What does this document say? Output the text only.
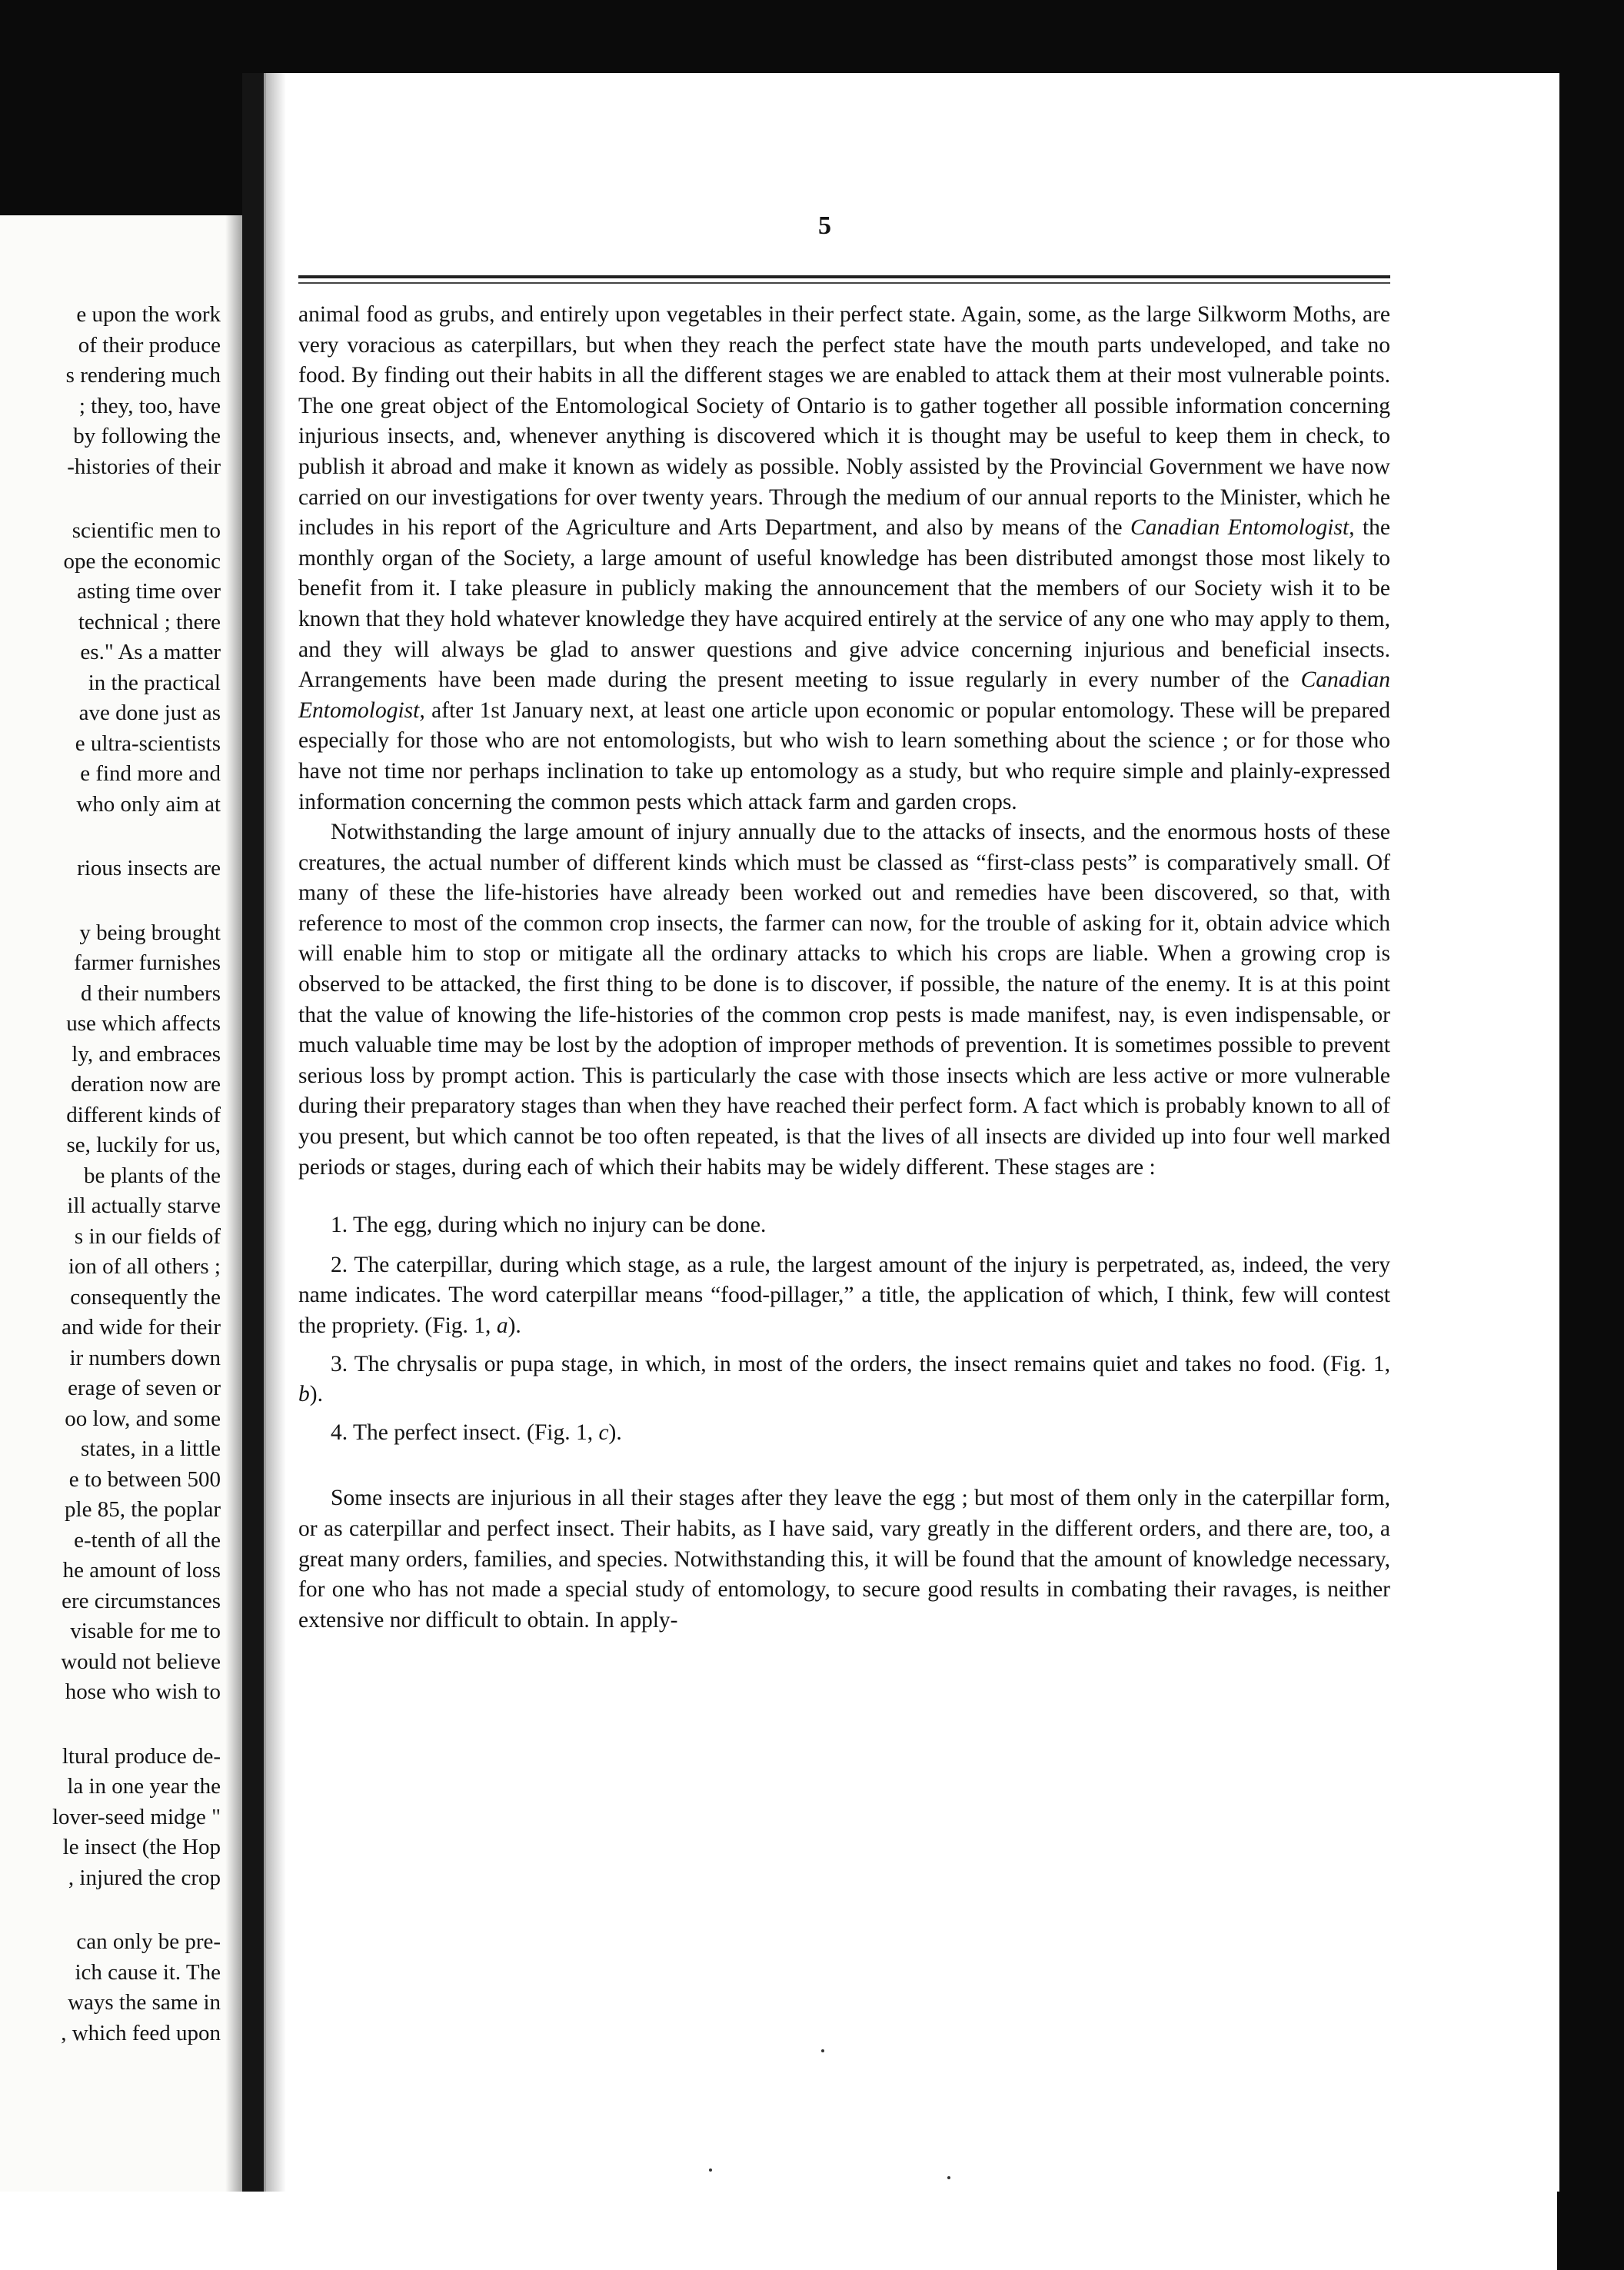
e upon the work
of their produce
s rendering much
; they, too, have
by following the
-histories of their
scientific men to
ope the economic
asting time over
technical ; there
es." As a matter
in the practical
ave done just as
e ultra-scientists
e find more and
who only aim at
rious insects are
y being brought
farmer furnishes
d their numbers
use which affects
ly, and embraces
deration now are
different kinds of
se, luckily for us,
be plants of the
ill actually starve
s in our fields of
ion of all others ;
consequently the
and wide for their
ir numbers down
erage of seven or
oo low, and some
states, in a little
e to between 500
ple 85, the poplar
e-tenth of all the
he amount of loss
ere circumstances
visable for me to
would not believe
hose who wish to
ltural produce de-
la in one year the
lover-seed midge "
le insect (the Hop
, injured the crop
can only be pre-
ich cause it. The
ways the same in
, which feed upon
5

animal food as grubs, and entirely upon vegetables in their perfect state. Again, some, as the large Silkworm Moths, are very voracious as caterpillars, but when they reach the perfect state have the mouth parts undeveloped, and take no food. By finding out their habits in all the different stages we are enabled to attack them at their most vulnerable points. The one great object of the Entomological Society of Ontario is to gather together all possible information concerning injurious insects, and, whenever anything is discovered which it is thought may be useful to keep them in check, to publish it abroad and make it known as widely as possible. Nobly assisted by the Provincial Government we have now carried on our investigations for over twenty years. Through the medium of our annual reports to the Minister, which he includes in his report of the Agriculture and Arts Department, and also by means of the Canadian Entomologist, the monthly organ of the Society, a large amount of useful knowledge has been distributed amongst those most likely to benefit from it. I take pleasure in publicly making the announcement that the members of our Society wish it to be known that they hold whatever knowledge they have acquired entirely at the service of any one who may apply to them, and they will always be glad to answer questions and give advice concerning injurious and beneficial insects. Arrangements have been made during the present meeting to issue regularly in every number of the Canadian Entomologist, after 1st January next, at least one article upon economic or popular entomology. These will be prepared especially for those who are not entomologists, but who wish to learn something about the science ; or for those who have not time nor perhaps inclination to take up entomology as a study, but who require simple and plainly-expressed information concerning the common pests which attack farm and garden crops.

Notwithstanding the large amount of injury annually due to the attacks of insects, and the enormous hosts of these creatures, the actual number of different kinds which must be classed as “first-class pests” is comparatively small. Of many of these the life-histories have already been worked out and remedies have been discovered, so that, with reference to most of the common crop insects, the farmer can now, for the trouble of asking for it, obtain advice which will enable him to stop or mitigate all the ordinary attacks to which his crops are liable. When a growing crop is observed to be attacked, the first thing to be done is to discover, if possible, the nature of the enemy. It is at this point that the value of knowing the life-histories of the common crop pests is made manifest, nay, is even indispensable, or much valuable time may be lost by the adoption of improper methods of prevention. It is sometimes possible to prevent serious loss by prompt action. This is particularly the case with those insects which are less active or more vulnerable during their preparatory stages than when they have reached their perfect form. A fact which is probably known to all of you present, but which cannot be too often repeated, is that the lives of all insects are divided up into four well marked periods or stages, during each of which their habits may be widely different. These stages are :

1. The egg, during which no injury can be done.

2. The caterpillar, during which stage, as a rule, the largest amount of the injury is perpetrated, as, indeed, the very name indicates. The word caterpillar means “food-pillager,” a title, the application of which, I think, few will contest the propriety. (Fig. 1, a).

3. The chrysalis or pupa stage, in which, in most of the orders, the insect remains quiet and takes no food. (Fig. 1, b).

4. The perfect insect. (Fig. 1, c).

Some insects are injurious in all their stages after they leave the egg ; but most of them only in the caterpillar form, or as caterpillar and perfect insect. Their habits, as I have said, vary greatly in the different orders, and there are, too, a great many orders, families, and species. Notwithstanding this, it will be found that the amount of knowledge necessary, for one who has not made a special study of entomology, to secure good results in combating their ravages, is neither extensive nor difficult to obtain. In apply-
